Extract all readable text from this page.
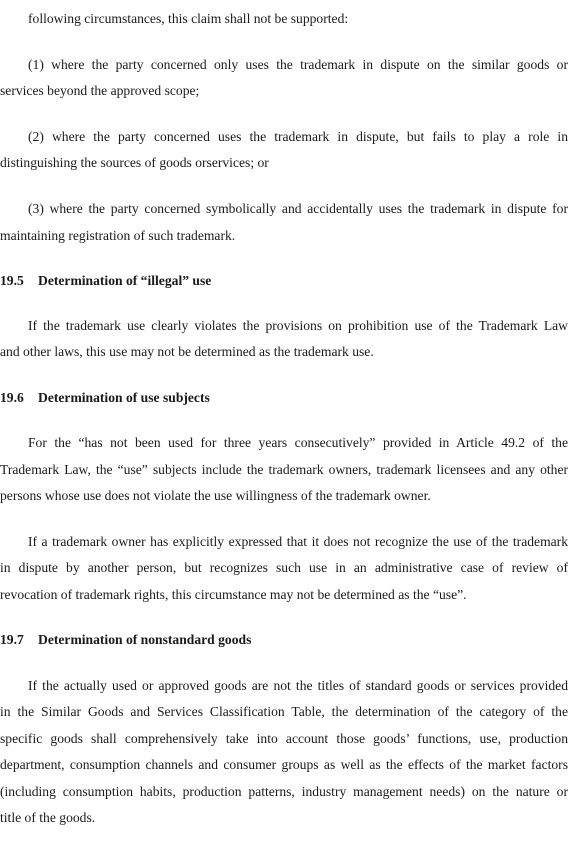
following circumstances, this claim shall not be supported:

(1) where the party concerned only uses the trademark in dispute on the similar goods or

services beyond the approved scope;

(2) where the party concerned uses the trademark in dispute, but fails to play a role in

distinguishing the sources of goods orservices; or

(3) where the party concerned symbolically and accidentally uses the trademark in dispute for

maintaining registration of such trademark.

19.5 Determination of “illegal” use

If the trademark use clearly violates the provisions on prohibition use of the Trademark Law

and other laws, this use may not be determined as the trademark use.

19.6 Determination of use subjects

For the “has not been used for three years consecutively” provided in Article 49.2 of the

Trademark Law, the “use” subjects include the trademark owners, trademark licensees and any other

persons whose use does not violate the use willingness of the trademark owner.

If a trademark owner has explicitly expressed that it does not recognize the use of the trademark

in dispute by another person, but recognizes such use in an administrative case of review of

revocation of trademark rights, this circumstance may not be determined as the “use”.

19.7 Determination of nonstandard goods

If the actually used or approved goods are not the titles of standard goods or services provided

in the Similar Goods and Services Classification Table, the determination of the category of the

specific goods shall comprehensively take into account those goods’ functions, use, production

department, consumption channels and consumer groups as well as the effects of the market factors

(including consumption habits, production patterns, industry management needs) on the nature or

title of the goods.
